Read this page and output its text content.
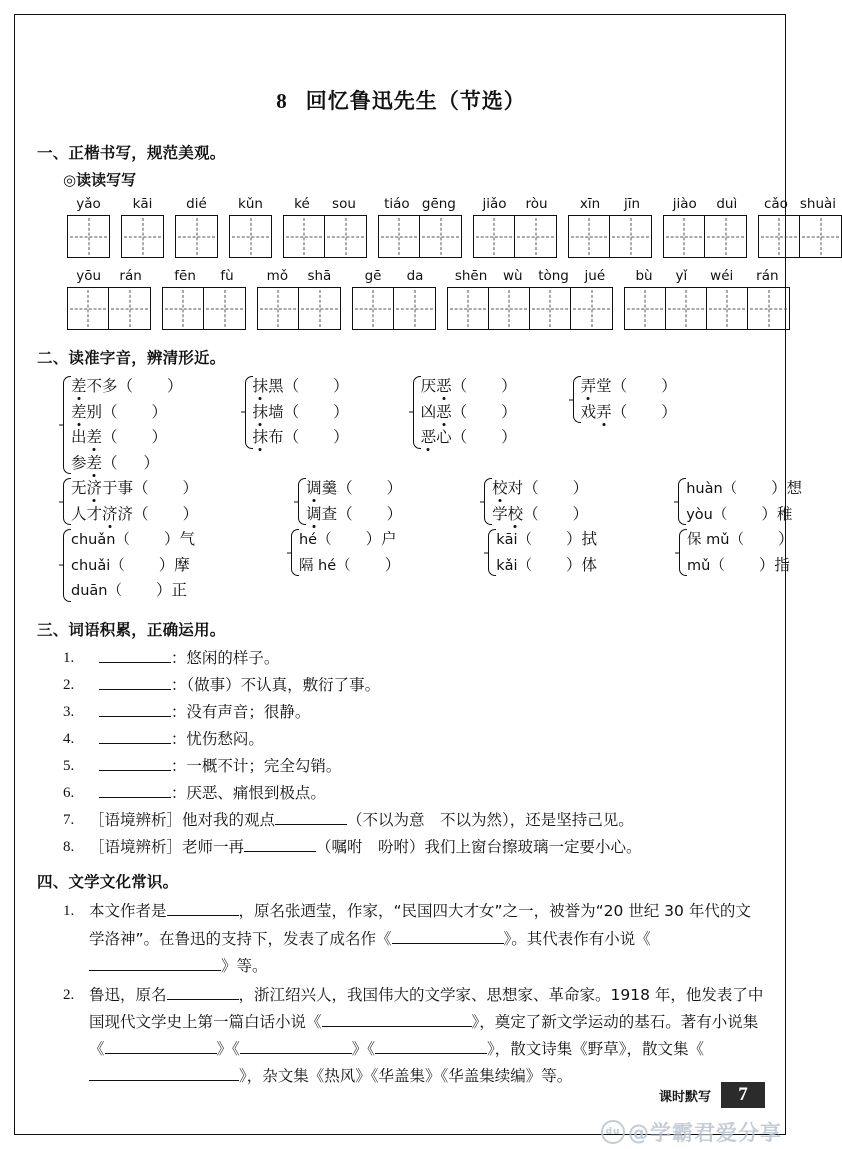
8 回忆鲁迅先生（节选）
一、正楷书写，规范美观。
◎读读写写
yǎo	kāi	dié	kǔn	ké	sou	tiáo gēng	jiǎo	ròu	xīn	jīn	jiào	duì	cǎo shuài
yōu	rán	fēn	fù	mǒ	shā	gē	da	shēn	wù	tòng	jué	bù	yǐ	wéi	rán
二、读准字音，辨清形近。
差不多（ ）
差别（ ）
出差（ ）
参差（ ）
抹黑（ ）
抹墙（ ）
抹布（ ）
厌恶（ ）
凶恶（ ）
恶心（ ）
弄堂（ ）
戏弄（ ）
无济于事（ ）
人才济济（ ）
调羹（ ）
调查（ ）
校对（ ）
学校（ ）
huàn（ ）想
yòu（ ）稚
chuǎn（ ）气
chuǎi（ ）摩
duān（ ）正
hé（ ）户
隔 hé（ ）
kāi（ ）拭
kǎi（ ）体
保 mǔ（ ）
mǔ（ ）指
三、词语积累，正确运用。
1.	：悠闲的样子。
2.	：（做事）不认真，敷衍了事。
3.	：没有声音；很静。
4.	：忧伤愁闷。
5.	：一概不计；完全勾销。
6.	：厌恶、痛恨到极点。
7. ［语境辨析］他对我的观点	（不以为意　不以为然），还是坚持己见。
8. ［语境辨析］老师一再	（嘱咐　吩咐）我们上窗台擦玻璃一定要小心。
四、文学文化常识。
1. 本文作者是	，原名张迺莹，作家，“民国四大才女”之一，被誉为“20 世纪 30 年代的文学洛神”。在鲁迅的支持下，发表了成名作《	》。其代表作有小说《》等。
2. 鲁迅，原名	，浙江绍兴人，我国伟大的文学家、思想家、革命家。1918 年，他发表了中国现代文学史上第一篇白话小说《	》，奠定了新文学运动的基石。著有小说集《	》《	》《	》，散文诗集《野草》，散文集《》，杂文集《热风》《华盖集》《华盖集续编》等。
课时默写	7
du @学霸君爱分享
